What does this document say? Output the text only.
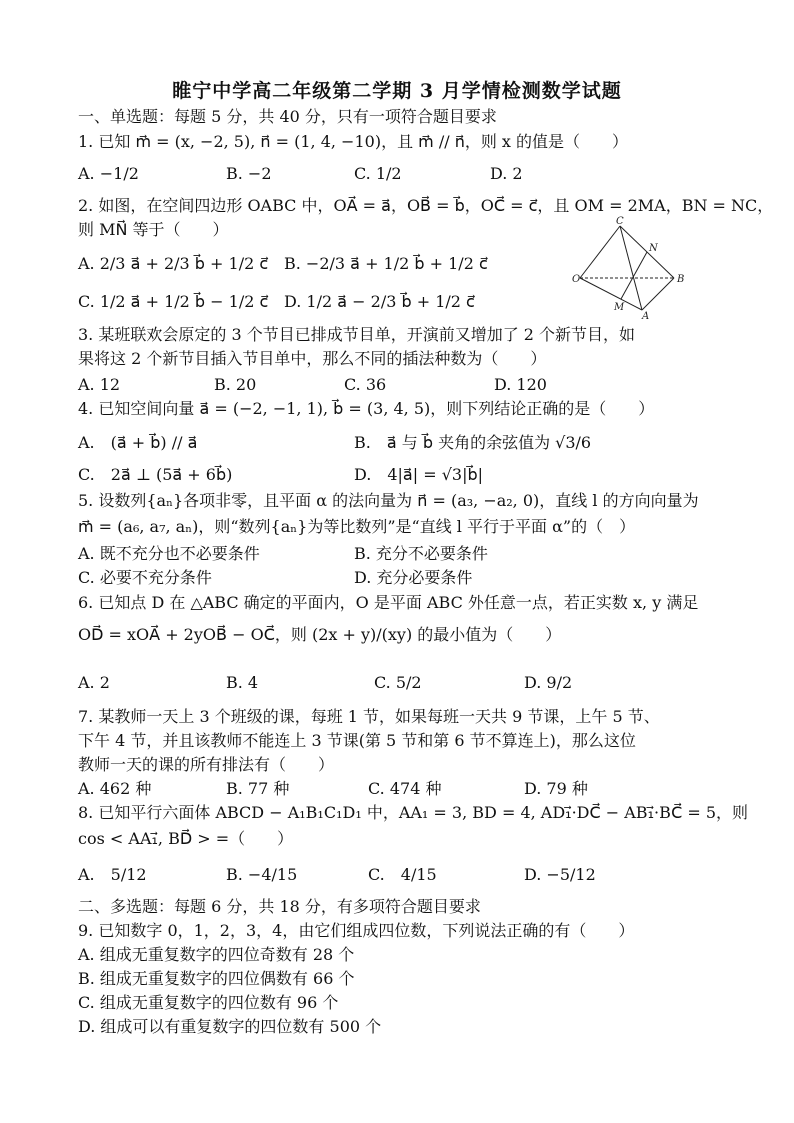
睢宁中学高二年级第二学期 3 月学情检测数学试题
一、单选题：每题 5 分，共 40 分，只有一项符合题目要求
1. 已知 m⃗ = (x, −2, 5), n⃗ = (1, 4, −10)，且 m⃗ // n⃗，则 x 的值是（　　）
A. −1/2	B. −2	C. 1/2	D. 2
2. 如图，在空间四边形 OABC 中，OA⃗ = a⃗，OB⃗ = b⃗，OC⃗ = c⃗，且 OM = 2MA，BN = NC，
则 MN⃗ 等于（　　）
A. 2/3 a⃗ + 2/3 b⃗ + 1/2 c⃗ B. −2/3 a⃗ + 1/2 b⃗ + 1/2 c⃗
C. 1/2 a⃗ + 1/2 b⃗ − 1/2 c⃗ D. 1/2 a⃗ − 2/3 b⃗ + 1/2 c⃗
C
N
O	B
M
A
3. 某班联欢会原定的 3 个节目已排成节目单，开演前又增加了 2 个新节目，如
果将这 2 个新节目插入节目单中，那么不同的插法种数为（　　）
A. 12	B. 20	C. 36	D. 120
4. 已知空间向量 a⃗ = (−2, −1, 1), b⃗ = (3, 4, 5)，则下列结论正确的是（　　）
A.　(a⃗ + b⃗) // a⃗	B.　a⃗ 与 b⃗ 夹角的余弦值为 √3/6
C.　2a⃗ ⊥ (5a⃗ + 6b⃗)	D.　4|a⃗| = √3|b⃗|
5. 设数列{aₙ}各项非零，且平面 α 的法向量为 n⃗ = (a₃, −a₂, 0)，直线 l 的方向向量为
m⃗ = (a₆, a₇, aₙ)，则“数列{aₙ}为等比数列”是“直线 l 平行于平面 α”的（　）
A. 既不充分也不必要条件	B. 充分不必要条件
C. 必要不充分条件	D. 充分必要条件
6. 已知点 D 在 △ABC 确定的平面内，O 是平面 ABC 外任意一点，若正实数 x, y 满足
OD⃗ = xOA⃗ + 2yOB⃗ − OC⃗，则 (2x + y)/(xy) 的最小值为（　　）
A. 2	B. 4	C. 5/2	D. 9/2
7. 某教师一天上 3 个班级的课，每班 1 节，如果每班一天共 9 节课，上午 5 节、
下午 4 节，并且该教师不能连上 3 节课(第 5 节和第 6 节不算连上)，那么这位
教师一天的课的所有排法有（　　）
A. 462 种	B. 77 种	C. 474 种	D. 79 种
8. 已知平行六面体 ABCD − A₁B₁C₁D₁ 中，AA₁ = 3, BD = 4, AD₁⃗·DC⃗ − AB₁⃗·BC⃗ = 5，则
cos < AA₁⃗, BD⃗ > =（　　）
A.　5/12	B. −4/15	C.　4/15	D. −5/12
二、多选题：每题 6 分，共 18 分，有多项符合题目要求
9. 已知数字 0，1，2，3，4，由它们组成四位数，下列说法正确的有（　　）
A. 组成无重复数字的四位奇数有 28 个
B. 组成无重复数字的四位偶数有 66 个
C. 组成无重复数字的四位数有 96 个
D. 组成可以有重复数字的四位数有 500 个
